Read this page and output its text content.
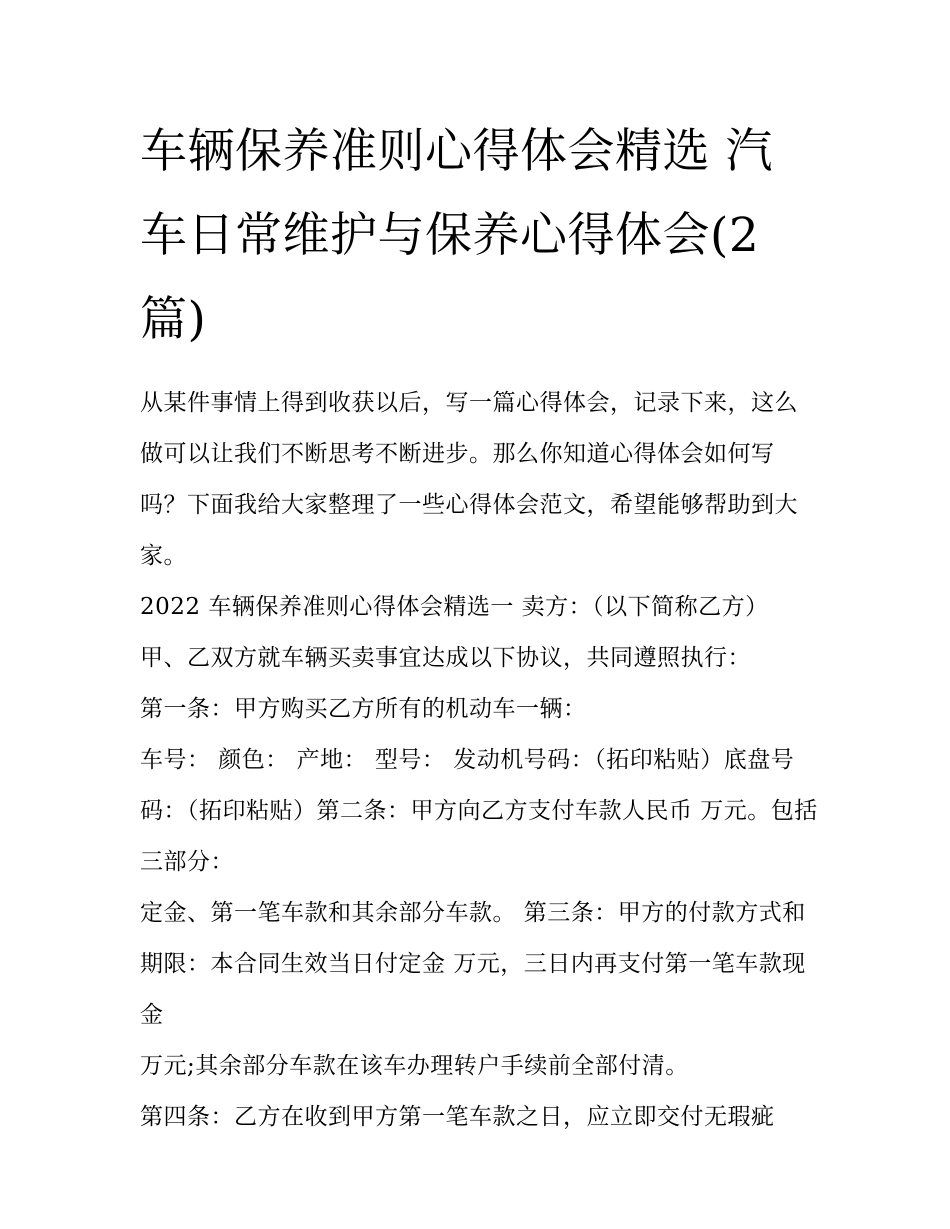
车辆保养准则心得体会精选 汽车日常维护与保养心得体会(2篇)

从某件事情上得到收获以后，写一篇心得体会，记录下来，这么做可以让我们不断思考不断进步。那么你知道心得体会如何写吗？下面我给大家整理了一些心得体会范文，希望能够帮助到大家。

2022 车辆保养准则心得体会精选一 卖方：（以下简称乙方）

甲、乙双方就车辆买卖事宜达成以下协议，共同遵照执行：

第一条：甲方购买乙方所有的机动车一辆：

车号： 颜色： 产地： 型号： 发动机号码：（拓印粘贴）底盘号码：（拓印粘贴）第二条：甲方向乙方支付车款人民币 万元。包括三部分：

定金、第一笔车款和其余部分车款。 第三条：甲方的付款方式和期限：本合同生效当日付定金 万元，三日内再支付第一笔车款现金

万元;其余部分车款在该车办理转户手续前全部付清。

第四条：乙方在收到甲方第一笔车款之日，应立即交付无瑕疵
